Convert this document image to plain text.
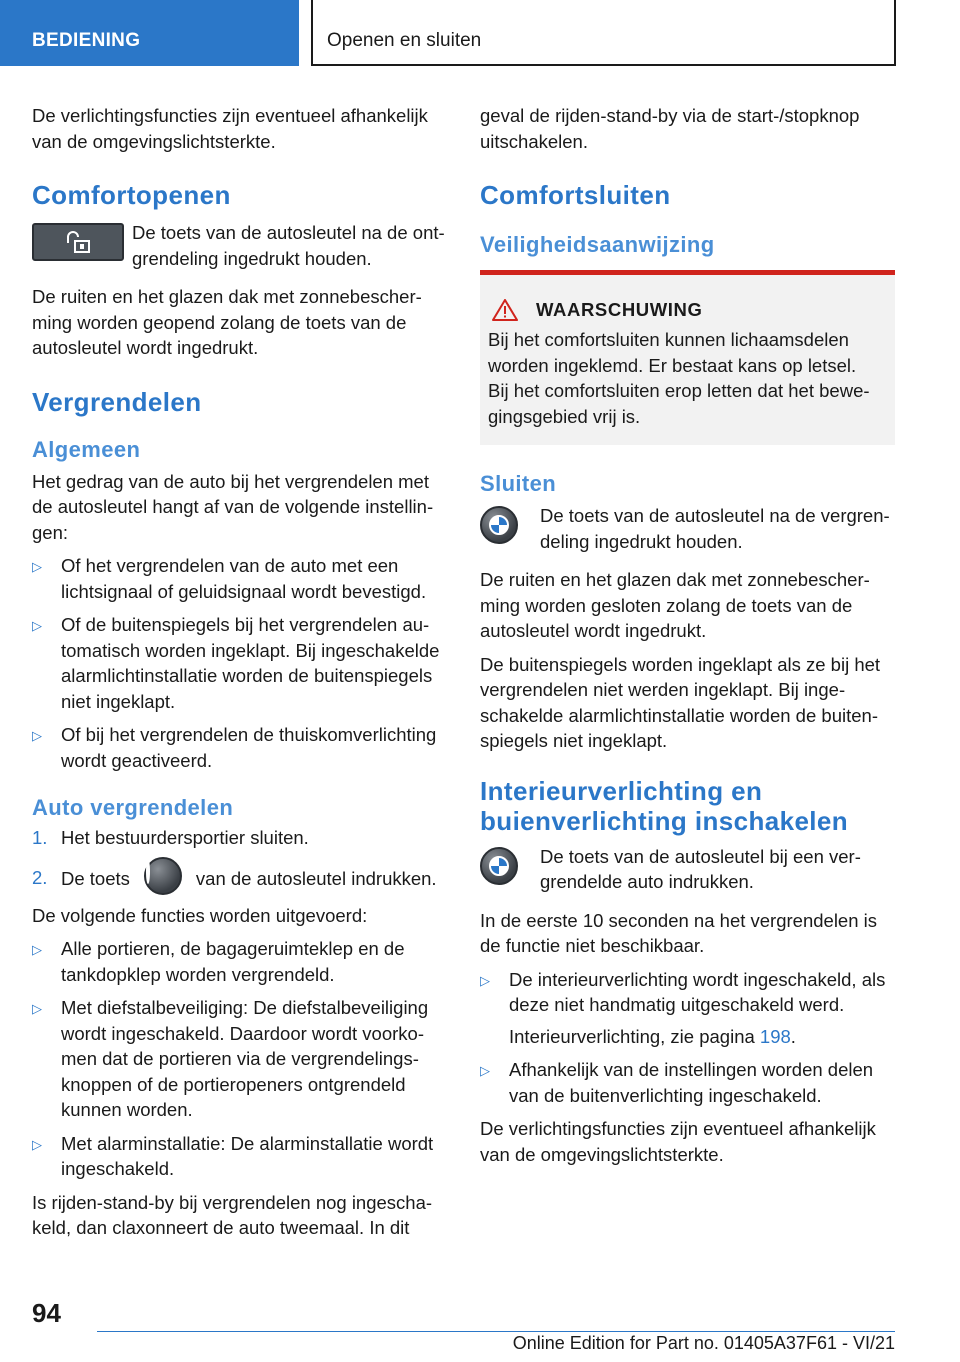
BEDIENING	Openen en sluiten

De verlichtingsfuncties zijn eventueel afhankelijk van de omgevingslichtsterkte.

Comfortopenen

De toets van de autosleutel na de ontgrendeling ingedrukt houden.

De ruiten en het glazen dak met zonnebescherming worden geopend zolang de toets van de autosleutel wordt ingedrukt.

Vergrendelen
Algemeen

Het gedrag van de auto bij het vergrendelen met de autosleutel hangt af van de volgende instellingen:

▷ Of het vergrendelen van de auto met een lichtsignaal of geluidsignaal wordt bevestigd.
▷ Of de buitenspiegels bij het vergrendelen automatisch worden ingeklapt. Bij ingeschakelde alarmlichtinstallatie worden de buitenspiegels niet ingeklapt.
▷ Of bij het vergrendelen de thuiskomverlichting wordt geactiveerd.
Auto vergrendelen
1. Het bestuurdersportier sluiten.
2. De toets	van de autosleutel indrukken.

De volgende functies worden uitgevoerd:

▷ Alle portieren, de bagageruimteklep en de tankdopklep worden vergrendeld.
▷ Met diefstalbeveiliging: De diefstalbeveiliging wordt ingeschakeld. Daardoor wordt voorkomen dat de portieren via de vergrendelingsknoppen of de portieropeners ontgrendeld kunnen worden.
▷ Met alarminstallatie: De alarminstallatie wordt ingeschakeld.

Is rijden-stand-by bij vergrendelen nog ingeschakeld, dan claxonneert de auto tweemaal. In dit

geval de rijden-stand-by via de start-/stopknop uitschakelen.

Comfortsluiten
Veiligheidsaanwijzing
WAARSCHUWING

Bij het comfortsluiten kunnen lichaamsdelen worden ingeklemd. Er bestaat kans op letsel.

Bij het comfortsluiten erop letten dat het bewegingsgebied vrij is.

Sluiten

De toets van de autosleutel na de vergrendeling ingedrukt houden.

De ruiten en het glazen dak met zonnebescherming worden gesloten zolang de toets van de autosleutel wordt ingedrukt.

De buitenspiegels worden ingeklapt als ze bij het vergrendelen niet werden ingeklapt. Bij ingeschakelde alarmlichtinstallatie worden de buitenspiegels niet ingeklapt.

Interieurverlichting en buienverlichting inschakelen

De toets van de autosleutel bij een vergrendelde auto indrukken.

In de eerste 10 seconden na het vergrendelen is de functie niet beschikbaar.

▷ De interieurverlichting wordt ingeschakeld, als deze niet handmatig uitgeschakeld werd.
Interieurverlichting, zie pagina 198.
▷ Afhankelijk van de instellingen worden delen van de buitenverlichting ingeschakeld.

De verlichtingsfuncties zijn eventueel afhankelijk van de omgevingslichtsterkte.

94
Online Edition for Part no. 01405A37F61 - VI/21
